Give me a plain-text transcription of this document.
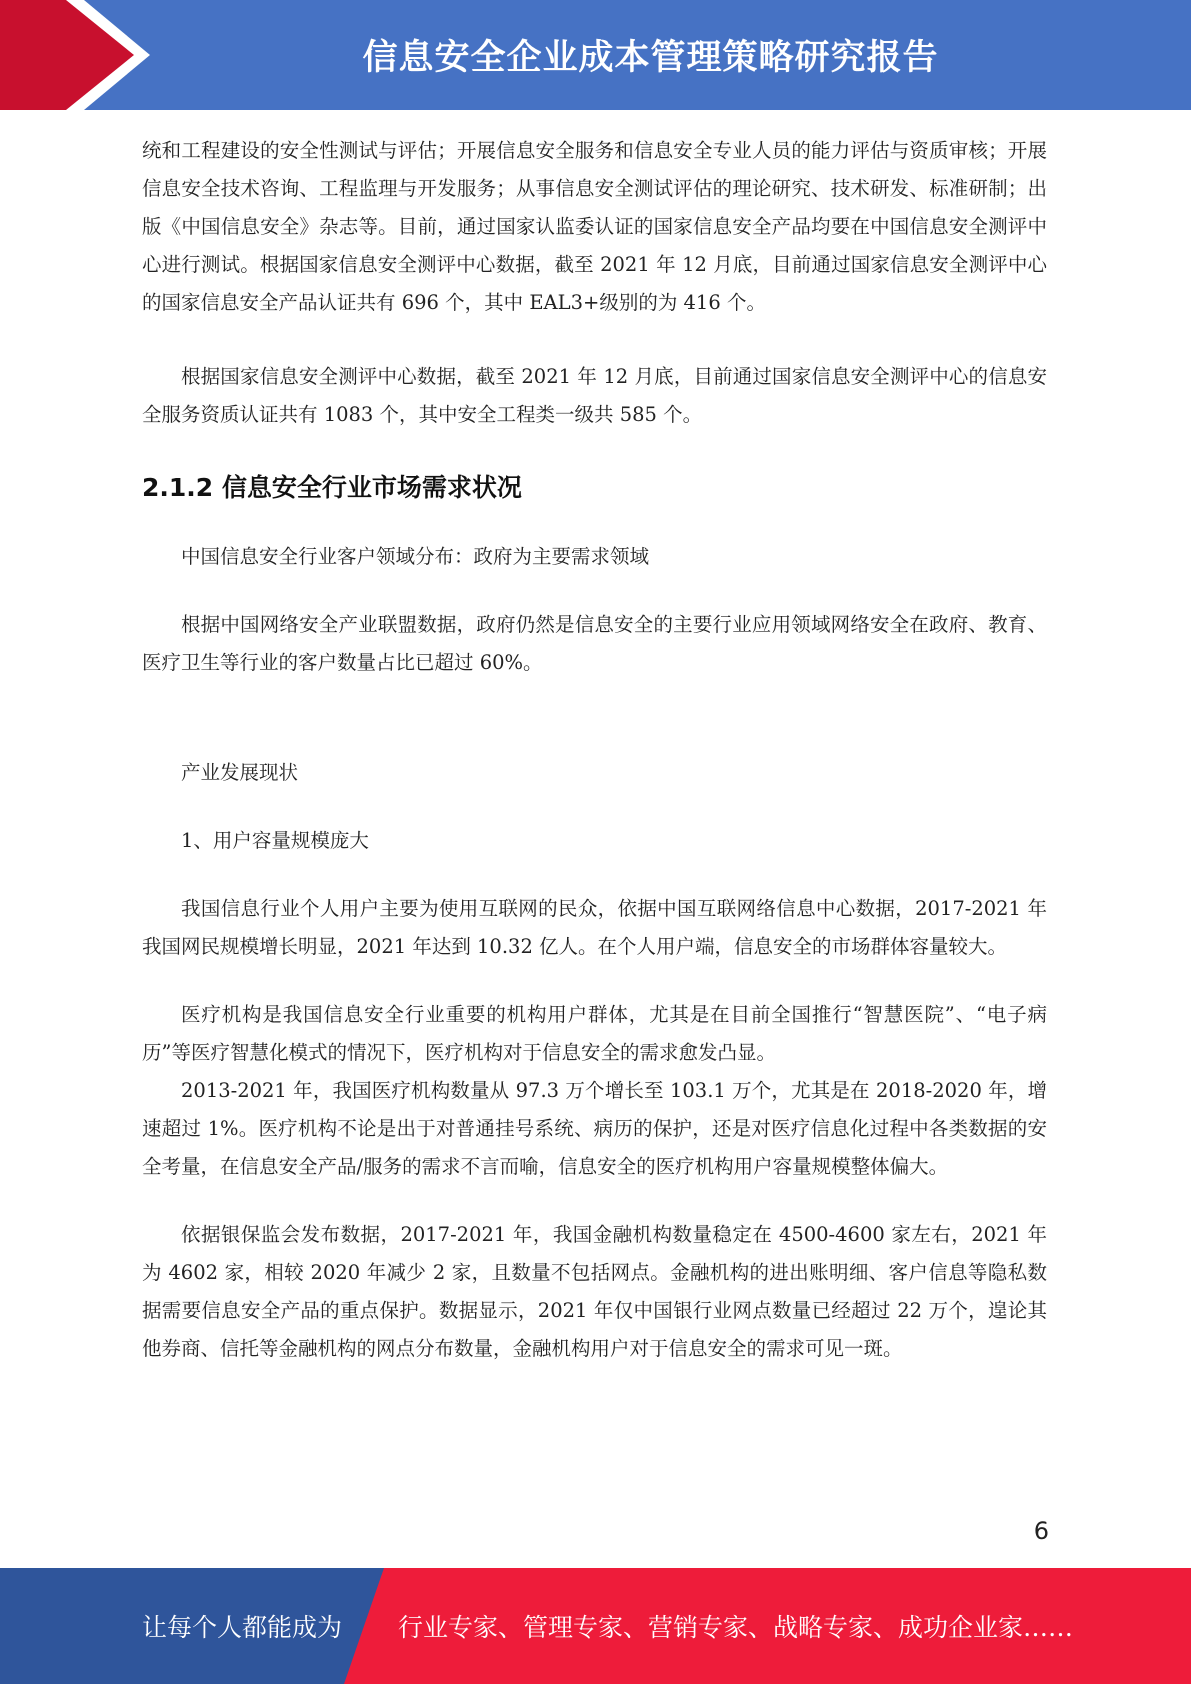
信息安全企业成本管理策略研究报告

统和工程建设的安全性测试与评估；开展信息安全服务和信息安全专业人员的能力评估与资质审核；开展信息安全技术咨询、工程监理与开发服务；从事信息安全测试评估的理论研究、技术研发、标准研制；出版《中国信息安全》杂志等。目前，通过国家认监委认证的国家信息安全产品均要在中国信息安全测评中心进行测试。根据国家信息安全测评中心数据，截至 2021 年 12 月底，目前通过国家信息安全测评中心的国家信息安全产品认证共有 696 个，其中 EAL3+级别的为 416 个。

根据国家信息安全测评中心数据，截至 2021 年 12 月底，目前通过国家信息安全测评中心的信息安全服务资质认证共有 1083 个，其中安全工程类一级共 585 个。

2.1.2 信息安全行业市场需求状况

中国信息安全行业客户领域分布：政府为主要需求领域

根据中国网络安全产业联盟数据，政府仍然是信息安全的主要行业应用领域网络安全在政府、教育、医疗卫生等行业的客户数量占比已超过 60%。

产业发展现状

1、用户容量规模庞大

我国信息行业个人用户主要为使用互联网的民众，依据中国互联网络信息中心数据，2017-2021 年我国网民规模增长明显，2021 年达到 10.32 亿人。在个人用户端，信息安全的市场群体容量较大。

医疗机构是我国信息安全行业重要的机构用户群体，尤其是在目前全国推行“智慧医院”、“电子病历”等医疗智慧化模式的情况下，医疗机构对于信息安全的需求愈发凸显。

2013-2021 年，我国医疗机构数量从 97.3 万个增长至 103.1 万个，尤其是在 2018-2020 年，增速超过 1%。医疗机构不论是出于对普通挂号系统、病历的保护，还是对医疗信息化过程中各类数据的安全考量，在信息安全产品/服务的需求不言而喻，信息安全的医疗机构用户容量规模整体偏大。

依据银保监会发布数据，2017-2021 年，我国金融机构数量稳定在 4500-4600 家左右，2021 年为 4602 家，相较 2020 年减少 2 家，且数量不包括网点。金融机构的进出账明细、客户信息等隐私数据需要信息安全产品的重点保护。数据显示，2021 年仅中国银行业网点数量已经超过 22 万个，遑论其他券商、信托等金融机构的网点分布数量，金融机构用户对于信息安全的需求可见一斑。

6
让每个人都能成为 行业专家、管理专家、营销专家、战略专家、成功企业家……
